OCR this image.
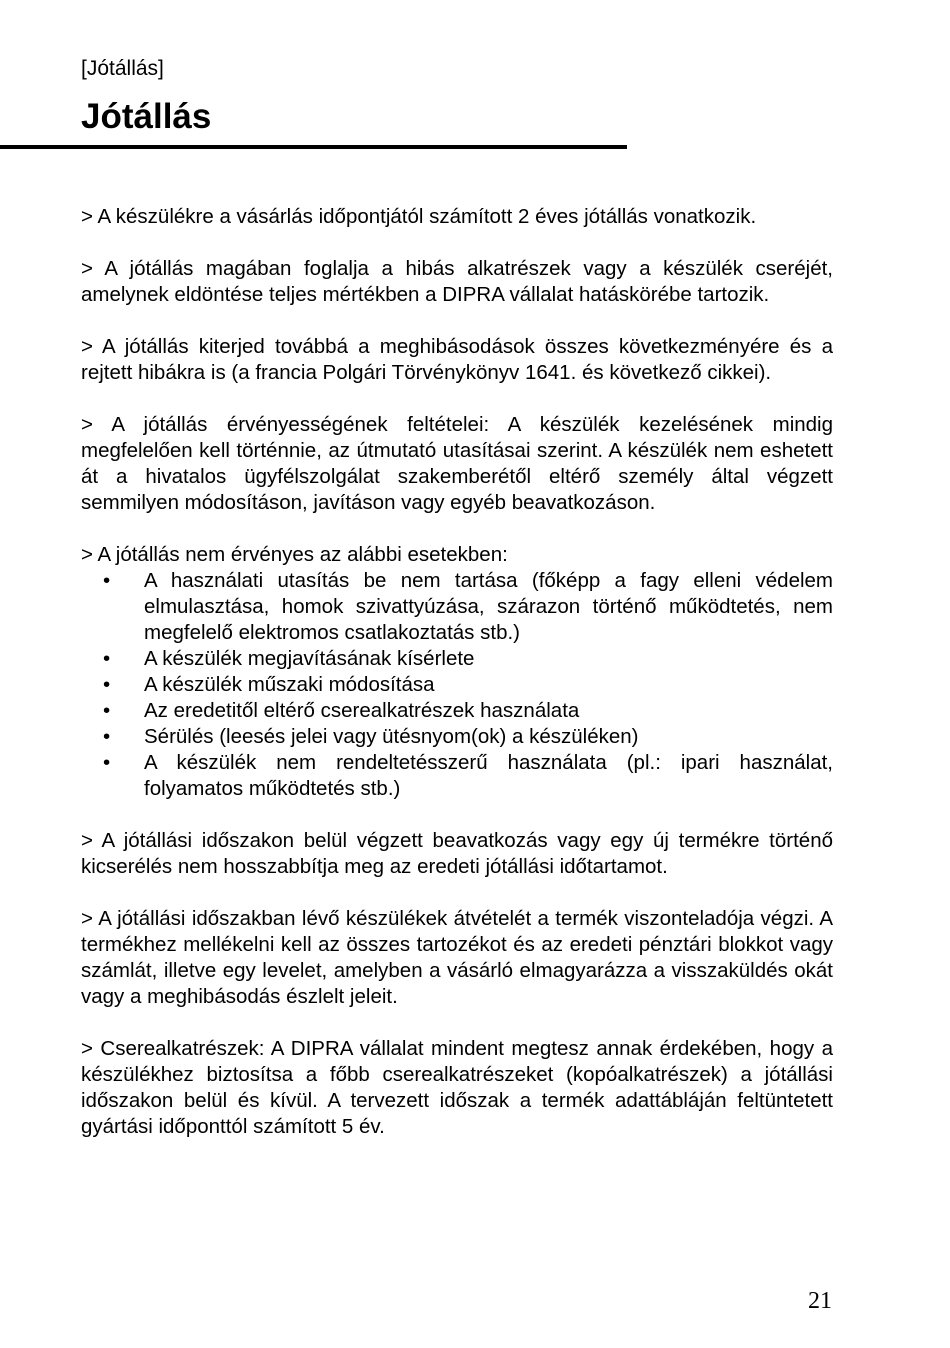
[Jótállás]
Jótállás

> A készülékre a vásárlás időpontjától számított 2 éves jótállás vonatkozik.

> A jótállás magában foglalja a hibás alkatrészek vagy a készülék cseréjét, amelynek eldöntése teljes mértékben a DIPRA vállalat hatáskörébe tartozik.

> A jótállás kiterjed továbbá a meghibásodások összes következményére és a rejtett hibákra is (a francia Polgári Törvénykönyv 1641. és következő cikkei).

> A jótállás érvényességének feltételei: A készülék kezelésének mindig megfelelően kell történnie, az útmutató utasításai szerint. A készülék nem eshetett át a hivatalos ügyfélszolgálat szakemberétől eltérő személy által végzett semmilyen módosításon, javításon vagy egyéb beavatkozáson.

> A jótállás nem érvényes az alábbi esetekben:

• A használati utasítás be nem tartása (főképp a fagy elleni védelem elmulasztása, homok szivattyúzása, szárazon történő működtetés, nem megfelelő elektromos csatlakoztatás stb.)
• A készülék megjavításának kísérlete
• A készülék műszaki módosítása
• Az eredetitől eltérő cserealkatrészek használata
• Sérülés (leesés jelei vagy ütésnyom(ok) a készüléken)
• A készülék nem rendeltetésszerű használata (pl.: ipari használat, folyamatos működtetés stb.)

> A jótállási időszakon belül végzett beavatkozás vagy egy új termékre történő kicserélés nem hosszabbítja meg az eredeti jótállási időtartamot.

> A jótállási időszakban lévő készülékek átvételét a termék viszonteladója végzi. A termékhez mellékelni kell az összes tartozékot és az eredeti pénztári blokkot vagy számlát, illetve egy levelet, amelyben a vásárló elmagyarázza a visszaküldés okát vagy a meghibásodás észlelt jeleit.

> Cserealkatrészek: A DIPRA vállalat mindent megtesz annak érdekében, hogy a készülékhez biztosítsa a főbb cserealkatrészeket (kopóalkatrészek) a jótállási időszakon belül és kívül. A tervezett időszak a termék adattábláján feltüntetett gyártási időponttól számított 5 év.

21
